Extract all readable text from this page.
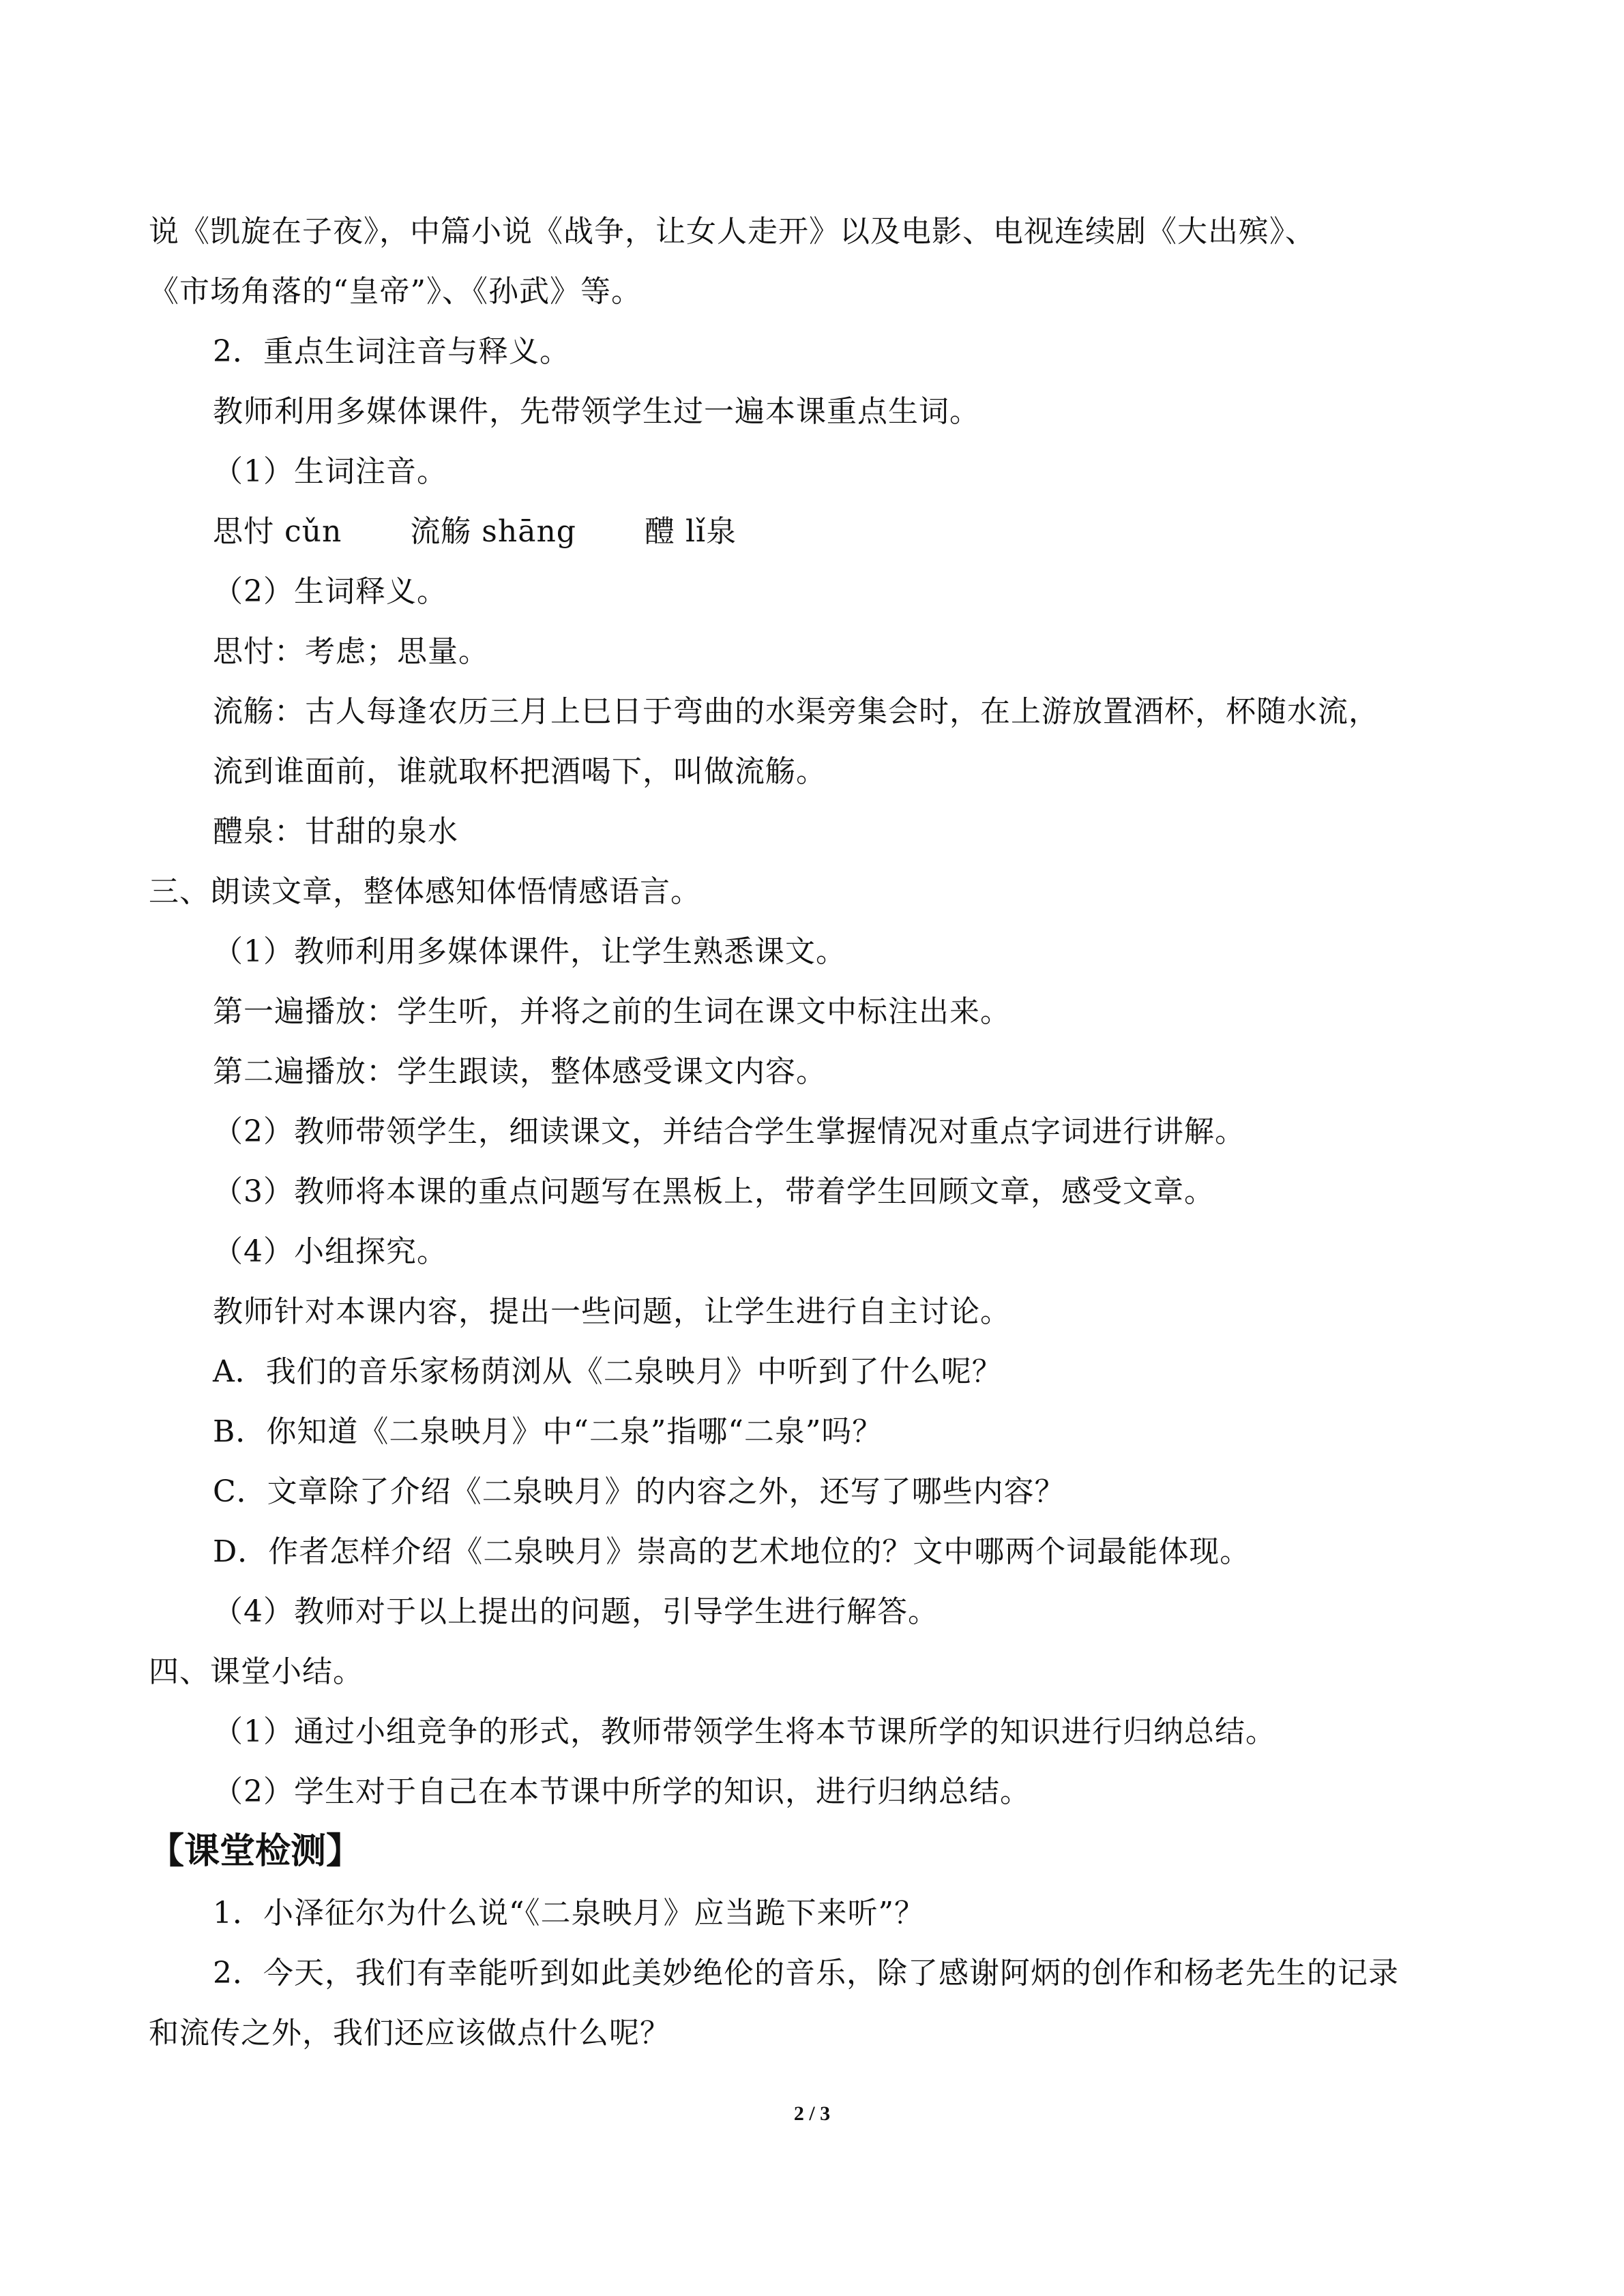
说《凯旋在子夜》，中篇小说《战争，让女人走开》以及电影、电视连续剧《大出殡》、
《市场角落的“皇帝”》、《孙武》等。
2．重点生词注音与释义。
教师利用多媒体课件，先带领学生过一遍本课重点生词。
（1）生词注音。
思忖 cǔn 流觞 shāng 醴 lǐ泉
（2）生词释义。
思忖：考虑；思量。
流觞：古人每逢农历三月上巳日于弯曲的水渠旁集会时，在上游放置酒杯，杯随水流，
流到谁面前，谁就取杯把酒喝下，叫做流觞。
醴泉：甘甜的泉水
三、朗读文章，整体感知体悟情感语言。
（1）教师利用多媒体课件，让学生熟悉课文。
第一遍播放：学生听，并将之前的生词在课文中标注出来。
第二遍播放：学生跟读，整体感受课文内容。
（2）教师带领学生，细读课文，并结合学生掌握情况对重点字词进行讲解。
（3）教师将本课的重点问题写在黑板上，带着学生回顾文章，感受文章。
（4）小组探究。
教师针对本课内容，提出一些问题，让学生进行自主讨论。
A．我们的音乐家杨荫浏从《二泉映月》中听到了什么呢？
B．你知道《二泉映月》中“二泉”指哪“二泉”吗？
C．文章除了介绍《二泉映月》的内容之外，还写了哪些内容？
D．作者怎样介绍《二泉映月》崇高的艺术地位的？文中哪两个词最能体现。
（4）教师对于以上提出的问题，引导学生进行解答。
四、课堂小结。
（1）通过小组竞争的形式，教师带领学生将本节课所学的知识进行归纳总结。
（2）学生对于自己在本节课中所学的知识，进行归纳总结。
【课堂检测】
1．小泽征尔为什么说“《二泉映月》应当跪下来听”？
2．今天，我们有幸能听到如此美妙绝伦的音乐，除了感谢阿炳的创作和杨老先生的记录
和流传之外，我们还应该做点什么呢？
2 / 3
